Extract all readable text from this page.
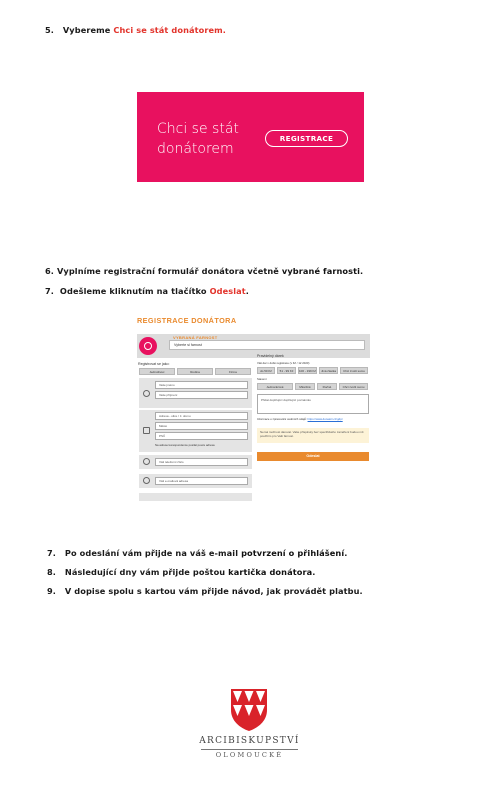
5. Vybereme Chci se stát donátorem.
Chci se stát
donátorem
REGISTRACE
6. Vyplníme registrační formulář donátora včetně vybrané farnosti.
7. Odešleme kliknutím na tlačítko Odeslat.
REGISTRACE DONÁTORA
VYBRANÁ FARNOST
Vyberte si farnost
Registrovat se jako:
Jednotlivec	Rodina	Firma
Vaše jméno
Vaše příjmení
Adresa - ulice / č. domu
Město
PSČ
Na adrese korespondence posílat pouze adresa
Váš telefonní číslo
Váš e-mailová adresa
Pravidelný dárek
Váš dar v době registrace (v Kč / 12 2020)
do 50 Kč	51 - 99 Kč	100 - 199 Kč	Jiná částka	Chci zvolit sumu
Stavení
Jednorázově	Měsíčně	Ročně	Chci zvolit sumu
Přidat doplňující doplňující poznámku
Informace o zpracování osobních údajů: https://www.donatori.cz/gdpr
Nemá možnost darovat. Vaše příspěvky bez specifického zaměření budou mít použitím pro Vaši farnost.
Odeslat
7. Po odeslání vám přijde na váš e-mail potvrzení o přihlášení.
8. Následující dny vám přijde poštou kartička donátora.
9. V dopise spolu s kartou vám přijde návod, jak provádět platbu.
ARCIBISKUPSTVÍ
OLOMOUCKÉ
